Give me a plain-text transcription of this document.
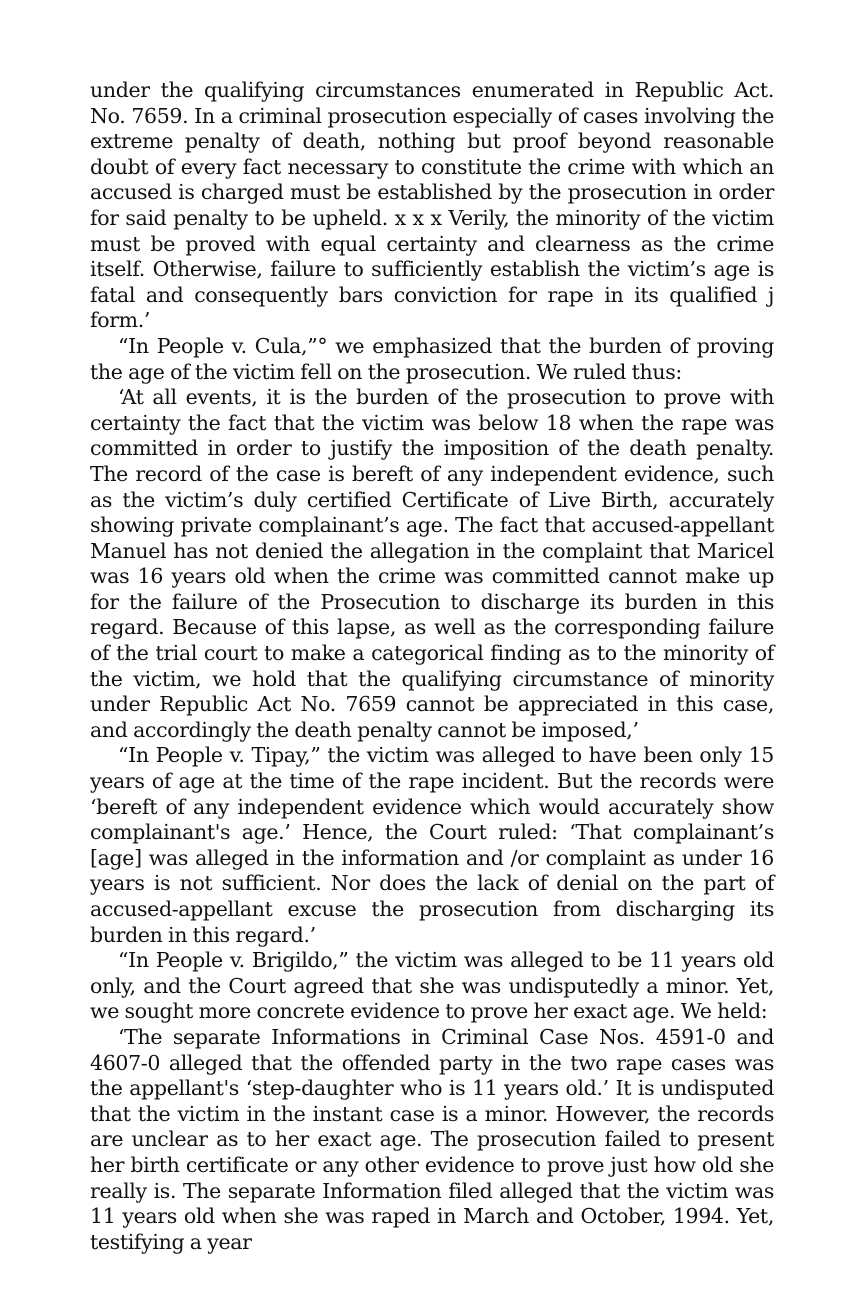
under the qualifying circumstances enumerated in Republic Act. No. 7659. In a criminal prosecution especially of cases involving the extreme penalty of death, nothing but proof beyond reasonable doubt of every fact necessary to constitute the crime with which an accused is charged must be established by the prosecution in order for said penalty to be upheld. x x x Verily, the minority of the victim must be proved with equal certainty and clearness as the crime itself. Otherwise, failure to sufficiently establish the victim’s age is fatal and consequently bars conviction for rape in its qualified j form.’

“In People v. Cula,”° we emphasized that the burden of proving the age of the victim fell on the prosecution. We ruled thus:

‘At all events, it is the burden of the prosecution to prove with certainty the fact that the victim was below 18 when the rape was committed in order to justify the imposition of the death penalty. The record of the case is bereft of any independent evidence, such as the victim’s duly certified Certificate of Live Birth, accurately showing private complainant’s age. The fact that accused-appellant Manuel has not denied the allegation in the complaint that Maricel was 16 years old when the crime was committed cannot make up for the failure of the Prosecution to discharge its burden in this regard. Because of this lapse, as well as the corresponding failure of the trial court to make a categorical finding as to the minority of the victim, we hold that the qualifying circumstance of minority under Republic Act No. 7659 cannot be appreciated in this case, and accordingly the death penalty cannot be imposed,’

“In People v. Tipay,” the victim was alleged to have been only 15 years of age at the time of the rape incident. But the records were ‘bereft of any independent evidence which would accurately show complainant's age.’ Hence, the Court ruled: ‘That complainant’s [age] was alleged in the information and /or complaint as under 16 years is not sufficient. Nor does the lack of denial on the part of accused-appellant excuse the prosecution from discharging its burden in this regard.’

“In People v. Brigildo,” the victim was alleged to be 11 years old only, and the Court agreed that she was undisputedly a minor. Yet, we sought more concrete evidence to prove her exact age. We held:

‘The separate Informations in Criminal Case Nos. 4591-0 and 4607-0 alleged that the offended party in the two rape cases was the appellant's ‘step-daughter who is 11 years old.’ It is undisputed that the victim in the instant case is a minor. However, the records are unclear as to her exact age. The prosecution failed to present her birth certificate or any other evidence to prove just how old she really is. The separate Information filed alleged that the victim was 11 years old when she was raped in March and October, 1994. Yet, testifying a year
